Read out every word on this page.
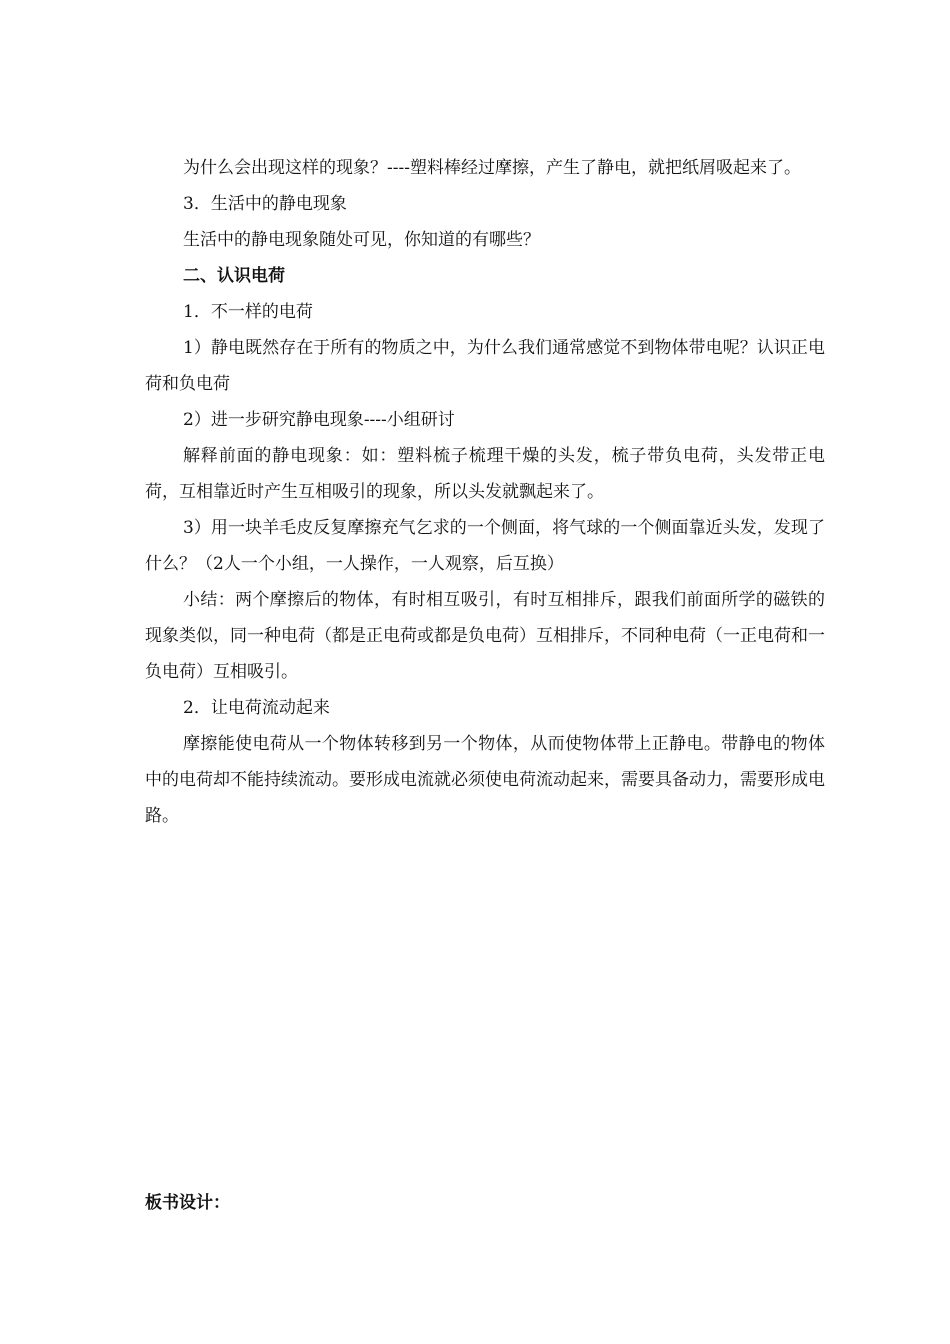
为什么会出现这样的现象？----塑料棒经过摩擦，产生了静电，就把纸屑吸起来了。

3．生活中的静电现象

生活中的静电现象随处可见，你知道的有哪些？

二、认识电荷

1．不一样的电荷

1）静电既然存在于所有的物质之中，为什么我们通常感觉不到物体带电呢？认识正电荷和负电荷

2）进一步研究静电现象----小组研讨

解释前面的静电现象：如：塑料梳子梳理干燥的头发，梳子带负电荷，头发带正电荷，互相靠近时产生互相吸引的现象，所以头发就飘起来了。

3）用一块羊毛皮反复摩擦充气乞求的一个侧面，将气球的一个侧面靠近头发，发现了什么？（2人一个小组，一人操作，一人观察，后互换）

小结：两个摩擦后的物体，有时相互吸引，有时互相排斥，跟我们前面所学的磁铁的现象类似，同一种电荷（都是正电荷或都是负电荷）互相排斥，不同种电荷（一正电荷和一负电荷）互相吸引。

2．让电荷流动起来

摩擦能使电荷从一个物体转移到另一个物体，从而使物体带上正静电。带静电的物体中的电荷却不能持续流动。要形成电流就必须使电荷流动起来，需要具备动力，需要形成电路。

板书设计：
